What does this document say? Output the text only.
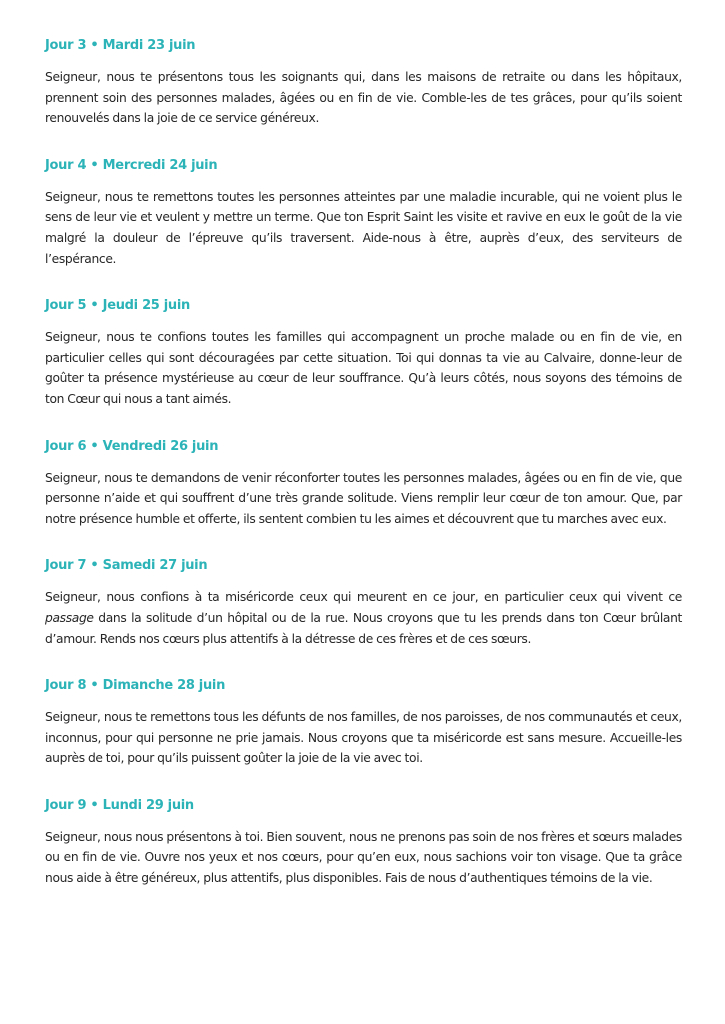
Jour 3 • Mardi 23 juin

Seigneur, nous te présentons tous les soignants qui, dans les maisons de retraite ou dans les hôpitaux, prennent soin des personnes malades, âgées ou en fin de vie. Comble-les de tes grâces, pour qu’ils soient renouvelés dans la joie de ce service généreux.

Jour 4 • Mercredi 24 juin

Seigneur, nous te remettons toutes les personnes atteintes par une maladie incurable, qui ne voient plus le sens de leur vie et veulent y mettre un terme. Que ton Esprit Saint les visite et ravive en eux le goût de la vie malgré la douleur de l’épreuve qu’ils traversent. Aide-nous à être, auprès d’eux, des serviteurs de l’espérance.

Jour 5 • Jeudi 25 juin

Seigneur, nous te confions toutes les familles qui accompagnent un proche malade ou en fin de vie, en particulier celles qui sont découragées par cette situation. Toi qui donnas ta vie au Calvaire, donne-leur de goûter ta présence mystérieuse au cœur de leur souffrance. Qu’à leurs côtés, nous soyons des témoins de ton Cœur qui nous a tant aimés.

Jour 6 • Vendredi 26 juin

Seigneur, nous te demandons de venir réconforter toutes les personnes malades, âgées ou en fin de vie, que personne n’aide et qui souffrent d’une très grande solitude. Viens remplir leur cœur de ton amour. Que, par notre présence humble et offerte, ils sentent combien tu les aimes et découvrent que tu marches avec eux.

Jour 7 • Samedi 27 juin

Seigneur, nous confions à ta miséricorde ceux qui meurent en ce jour, en particulier ceux qui vivent ce passage dans la solitude d’un hôpital ou de la rue. Nous croyons que tu les prends dans ton Cœur brûlant d’amour. Rends nos cœurs plus attentifs à la détresse de ces frères et de ces sœurs.

Jour 8 • Dimanche 28 juin

Seigneur, nous te remettons tous les défunts de nos familles, de nos paroisses, de nos communautés et ceux, inconnus, pour qui personne ne prie jamais. Nous croyons que ta miséricorde est sans mesure. Accueille-les auprès de toi, pour qu’ils puissent goûter la joie de la vie avec toi.

Jour 9 • Lundi 29 juin

Seigneur, nous nous présentons à toi. Bien souvent, nous ne prenons pas soin de nos frères et sœurs malades ou en fin de vie. Ouvre nos yeux et nos cœurs, pour qu’en eux, nous sachions voir ton visage. Que ta grâce nous aide à être généreux, plus attentifs, plus disponibles. Fais de nous d’authentiques témoins de la vie.
